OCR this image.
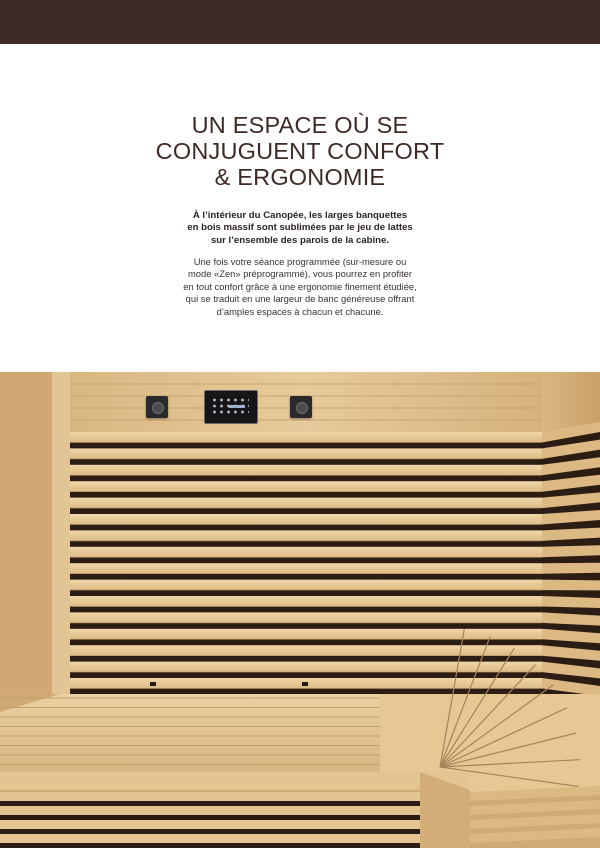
UN ESPACE OÙ SE
CONJUGUENT CONFORT
& ERGONOMIE
À l’intérieur du Canopée, les larges banquettes
en bois massif sont sublimées par le jeu de lattes
sur l’ensemble des parois de la cabine.
Une fois votre séance programmée (sur-mesure ou
mode «Zen» préprogrammé), vous pourrez en profiter
en tout confort grâce à une ergonomie finement étudiée,
qui se traduit en une largeur de banc généreuse offrant
d’amples espaces à chacun et chacune.
